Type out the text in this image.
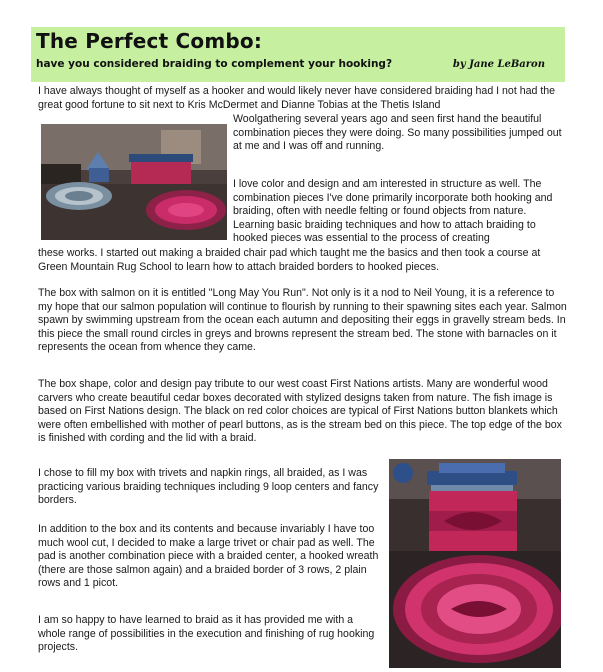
The Perfect Combo:
have you considered braiding to complement your hooking?	by Jane LeBaron

I have always thought of myself as a hooker and would likely never have considered braiding had I not had the great good fortune to sit next to Kris McDermet and Dianne Tobias at the Thetis Island

Woolgathering several years ago and seen first hand the beautiful combination pieces they were doing. So many possibilities jumped out at me and I was off and running.

I love color and design and am interested in structure as well. The combination pieces I've done primarily incorporate both hooking and braiding, often with needle felting or found objects from nature. Learning basic braiding techniques and how to attach braiding to hooked pieces was essential to the process of creating

these works. I started out making a braided chair pad which taught me the basics and then took a course at Green Mountain Rug School to learn how to attach braided borders to hooked pieces.

The box with salmon on it is entitled "Long May You Run". Not only is it a nod to Neil Young, it is a reference to my hope that our salmon population will continue to flourish by running to their spawning sites each year. Salmon spawn by swimming upstream from the ocean each autumn and depositing their eggs in gravelly stream beds. In this piece the small round circles in greys and browns represent the stream bed. The stone with barnacles on it represents the ocean from whence they came.

The box shape, color and design pay tribute to our west coast First Nations artists. Many are wonderful wood carvers who create beautiful cedar boxes decorated with stylized designs taken from nature. The fish image is based on First Nations design. The black on red color choices are typical of First Nations button blankets which were often embellished with mother of pearl buttons, as is the stream bed on this piece. The top edge of the box is finished with cording and the lid with a braid.

I chose to fill my box with trivets and napkin rings, all braided, as I was practicing various braiding techniques including 9 loop centers and fancy borders.

In addition to the box and its contents and because invariably I have too much wool cut, I decided to make a large trivet or chair pad as well. The pad is another combination piece with a braided center, a hooked wreath (there are those salmon again) and a braided border of 3 rows, 2 plain rows and 1 picot.

I am so happy to have learned to braid as it has provided me with a whole range of possibilities in the execution and finishing of rug hooking projects.
